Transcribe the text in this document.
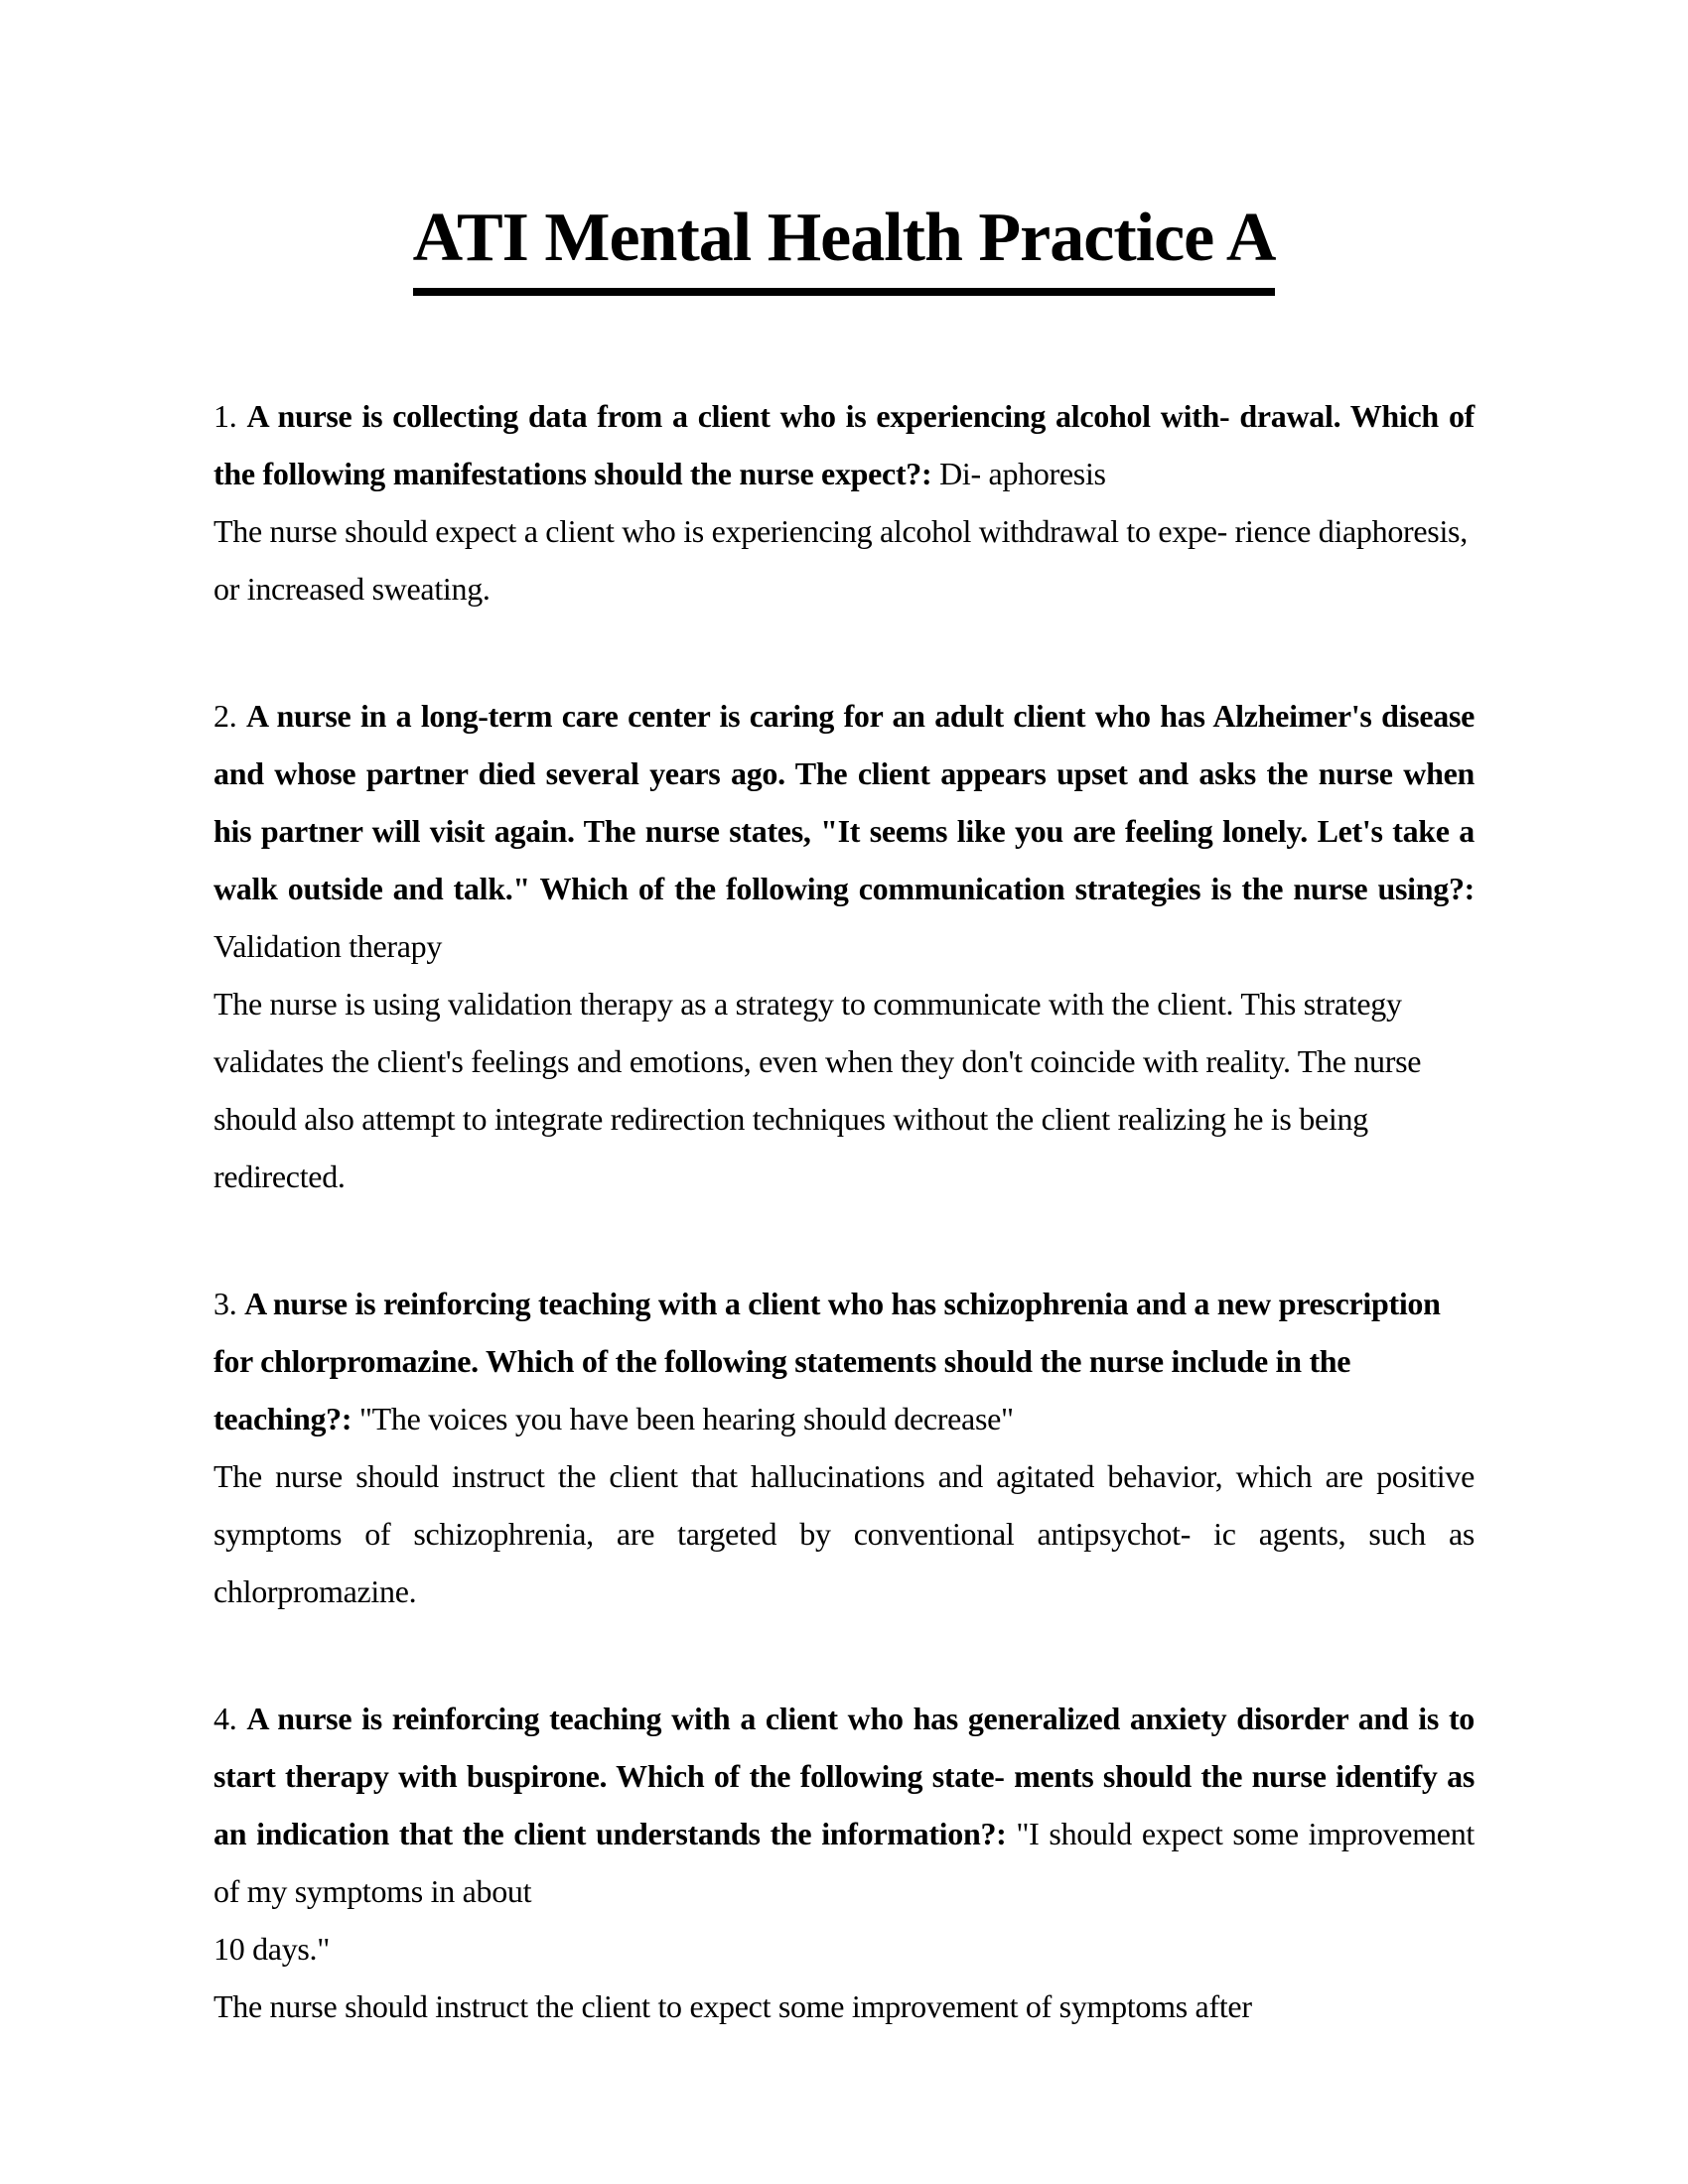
ATI Mental Health Practice A

1. A nurse is collecting data from a client who is experiencing alcohol with- drawal. Which of the following manifestations should the nurse expect?: Di- aphoresis

The nurse should expect a client who is experiencing alcohol withdrawal to expe- rience diaphoresis, or increased sweating.

2. A nurse in a long-term care center is caring for an adult client who has Alzheimer's disease and whose partner died several years ago. The client appears upset and asks the nurse when his partner will visit again. The nurse states, "It seems like you are feeling lonely. Let's take a walk outside and talk." Which of the following communication strategies is the nurse using?: Validation therapy

The nurse is using validation therapy as a strategy to communicate with the client. This strategy validates the client's feelings and emotions, even when they don't coincide with reality. The nurse should also attempt to integrate redirection techniques without the client realizing he is being redirected.

3. A nurse is reinforcing teaching with a client who has schizophrenia and a new prescription for chlorpromazine. Which of the following statements should the nurse include in the teaching?: "The voices you have been hearing should decrease"

The nurse should instruct the client that hallucinations and agitated behavior, which are positive symptoms of schizophrenia, are targeted by conventional antipsychot- ic agents, such as chlorpromazine.

4. A nurse is reinforcing teaching with a client who has generalized anxiety disorder and is to start therapy with buspirone. Which of the following state- ments should the nurse identify as an indication that the client understands the information?: "I should expect some improvement of my symptoms in about

10 days."

The nurse should instruct the client to expect some improvement of symptoms after
